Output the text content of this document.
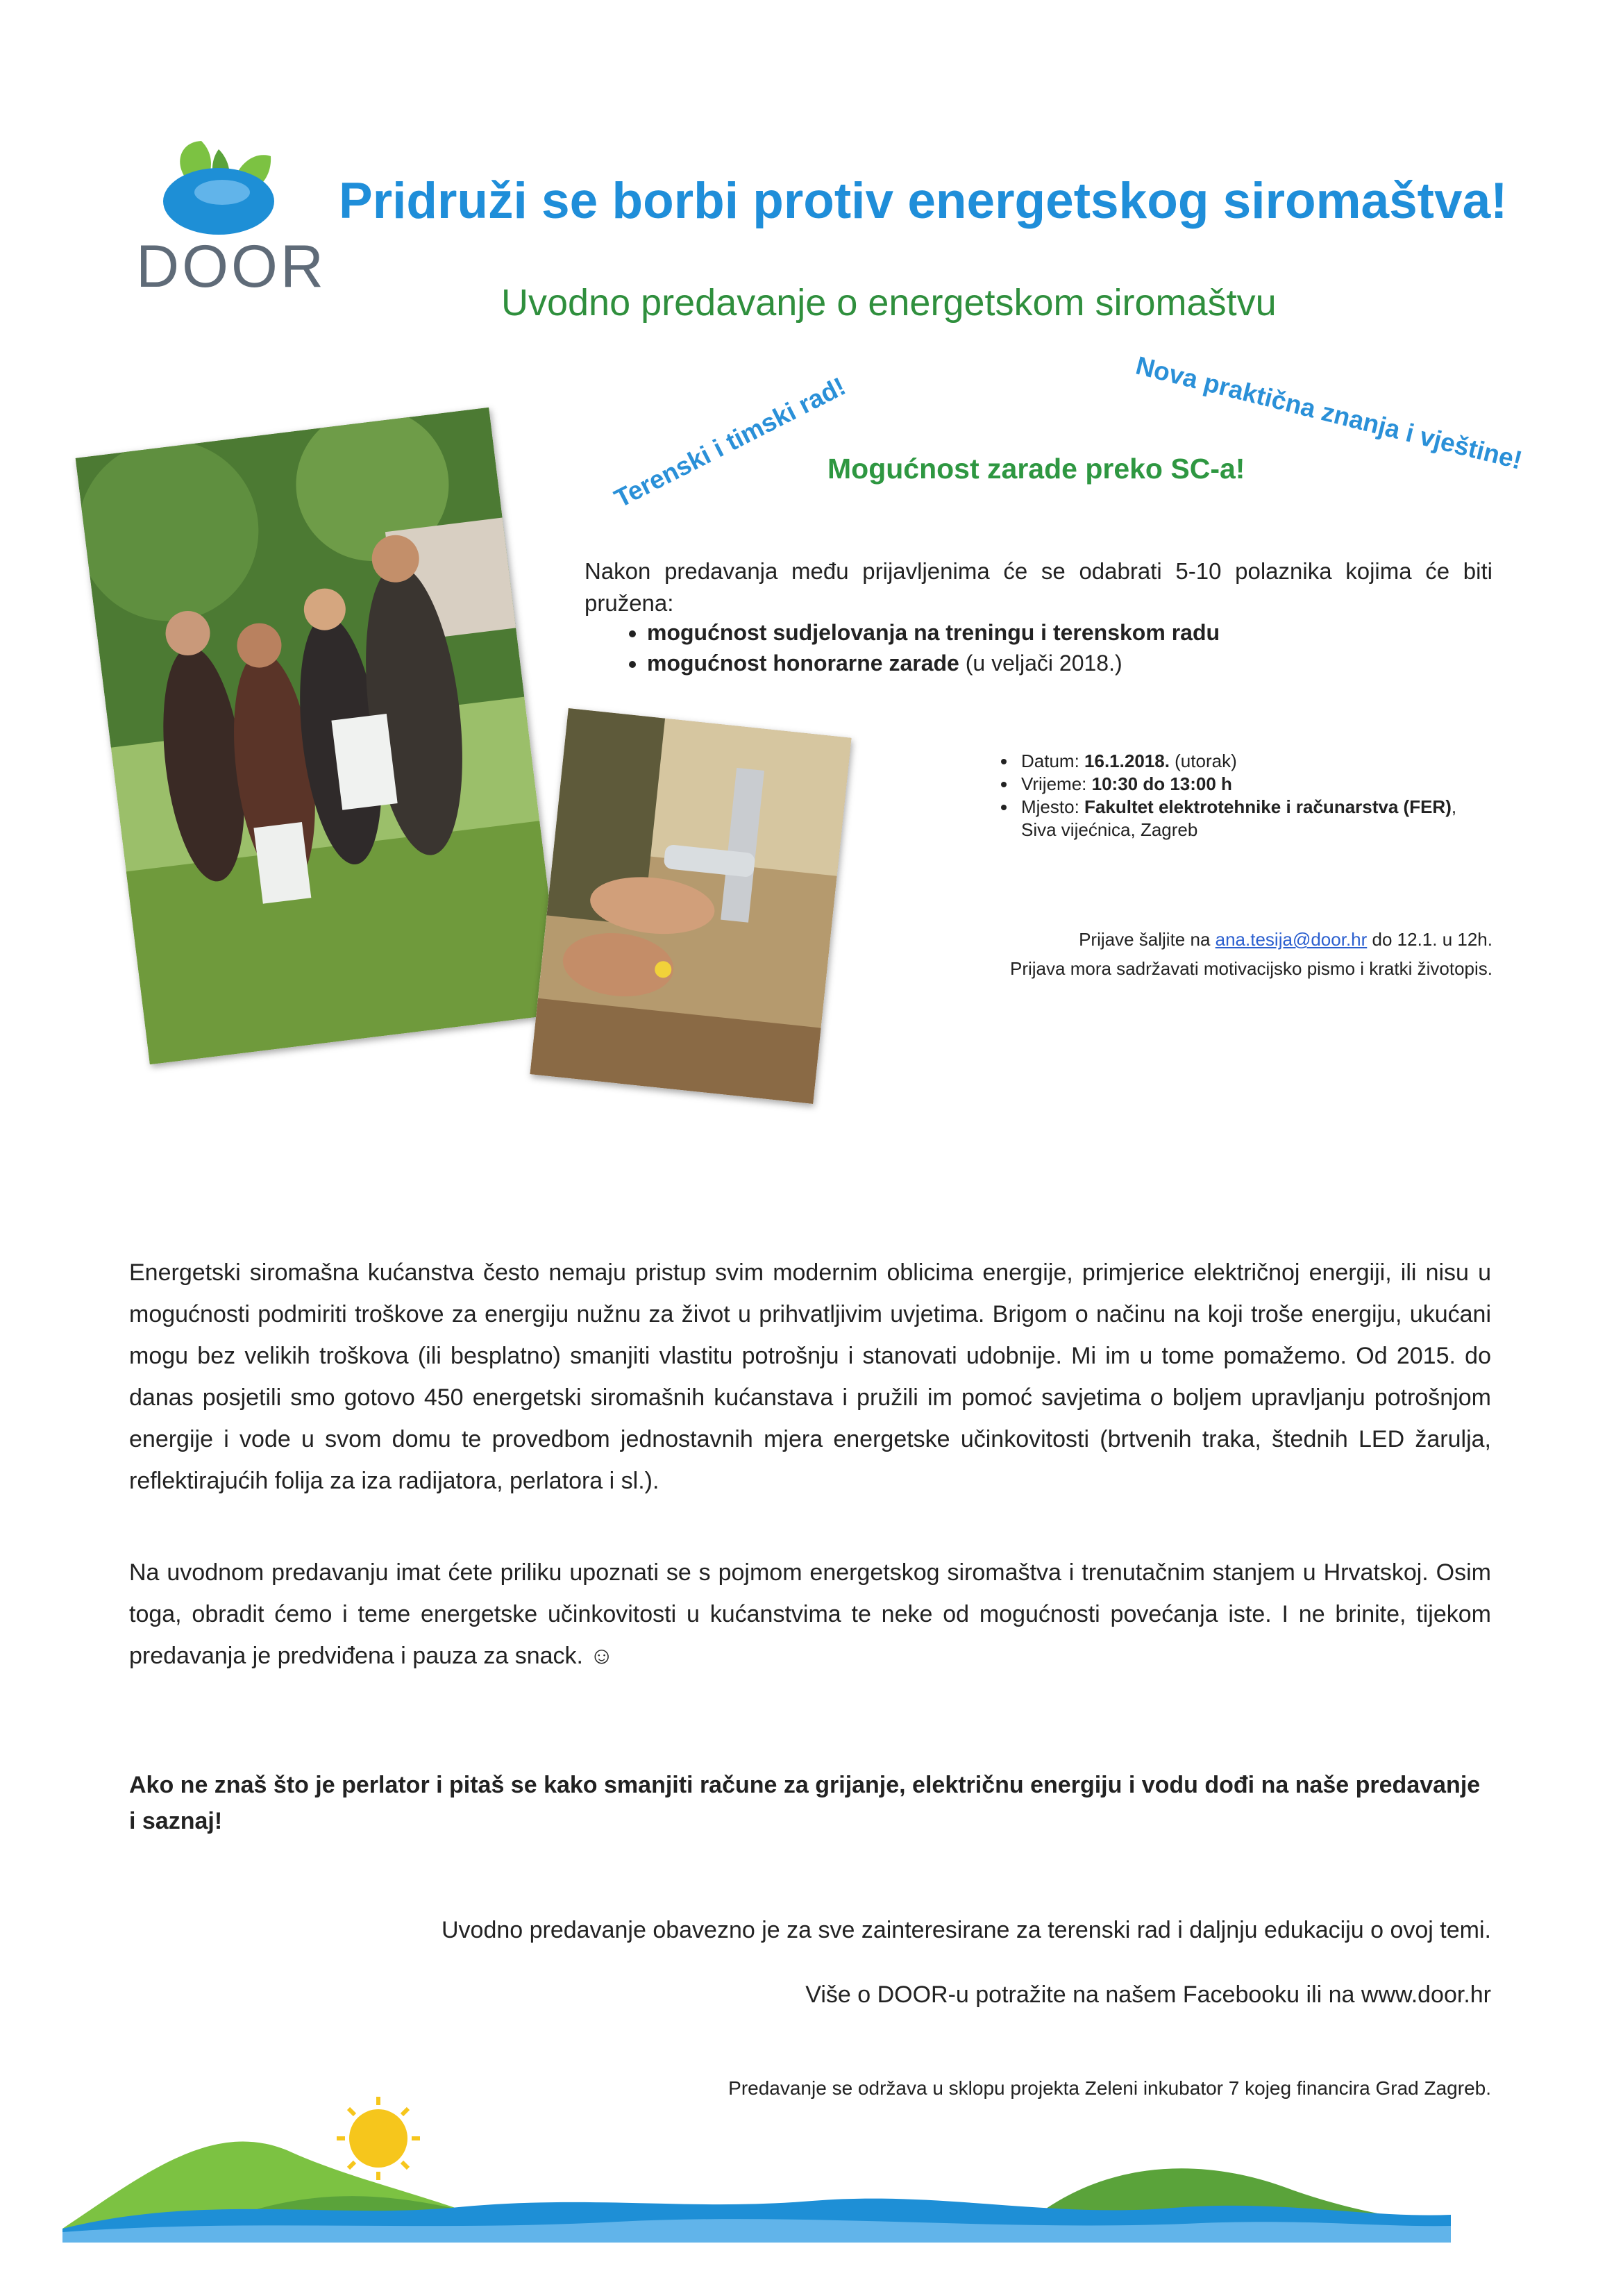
DOOR
Pridruži se borbi protiv energetskog siromaštva!
Uvodno predavanje o energetskom siromaštvu
Terenski i timski rad!	Nova praktična znanja i vještine!
Mogućnost zarade preko SC-a!
Nakon predavanja među prijavljenima će se odabrati 5-10 polaznika kojima će biti pružena:
• mogućnost sudjelovanja na treningu i terenskom radu
• mogućnost honorarne zarade (u veljači 2018.)
• Datum: 16.1.2018. (utorak)
• Vrijeme: 10:30 do 13:00 h
• Mjesto: Fakultet elektrotehnike i računarstva (FER),
Siva vijećnica, Zagreb
Prijave šaljite na ana.tesija@door.hr do 12.1. u 12h.
Prijava mora sadržavati motivacijsko pismo i kratki životopis.
Energetski siromašna kućanstva često nemaju pristup svim modernim oblicima energije, primjerice električnoj energiji, ili nisu u mogućnosti podmiriti troškove za energiju nužnu za život u prihvatljivim uvjetima. Brigom o načinu na koji troše energiju, ukućani mogu bez velikih troškova (ili besplatno) smanjiti vlastitu potrošnju i stanovati udobnije. Mi im u tome pomažemo. Od 2015. do danas posjetili smo gotovo 450 energetski siromašnih kućanstava i pružili im pomoć savjetima o boljem upravljanju potrošnjom energije i vode u svom domu te provedbom jednostavnih mjera energetske učinkovitosti (brtvenih traka, štednih LED žarulja, reflektirajućih folija za iza radijatora, perlatora i sl.).
Na uvodnom predavanju imat ćete priliku upoznati se s pojmom energetskog siromaštva i trenutačnim stanjem u Hrvatskoj. Osim toga, obradit ćemo i teme energetske učinkovitosti u kućanstvima te neke od mogućnosti povećanja iste. I ne brinite, tijekom predavanja je predviđena i pauza za snack. ☺
Ako ne znaš što je perlator i pitaš se kako smanjiti račune za grijanje, električnu energiju i vodu dođi na naše predavanje i saznaj!
Uvodno predavanje obavezno je za sve zainteresirane za terenski rad i daljnju edukaciju o ovoj temi.
Više o DOOR-u potražite na našem Facebooku ili na www.door.hr
Predavanje se održava u sklopu projekta Zeleni inkubator 7 kojeg financira Grad Zagreb.
